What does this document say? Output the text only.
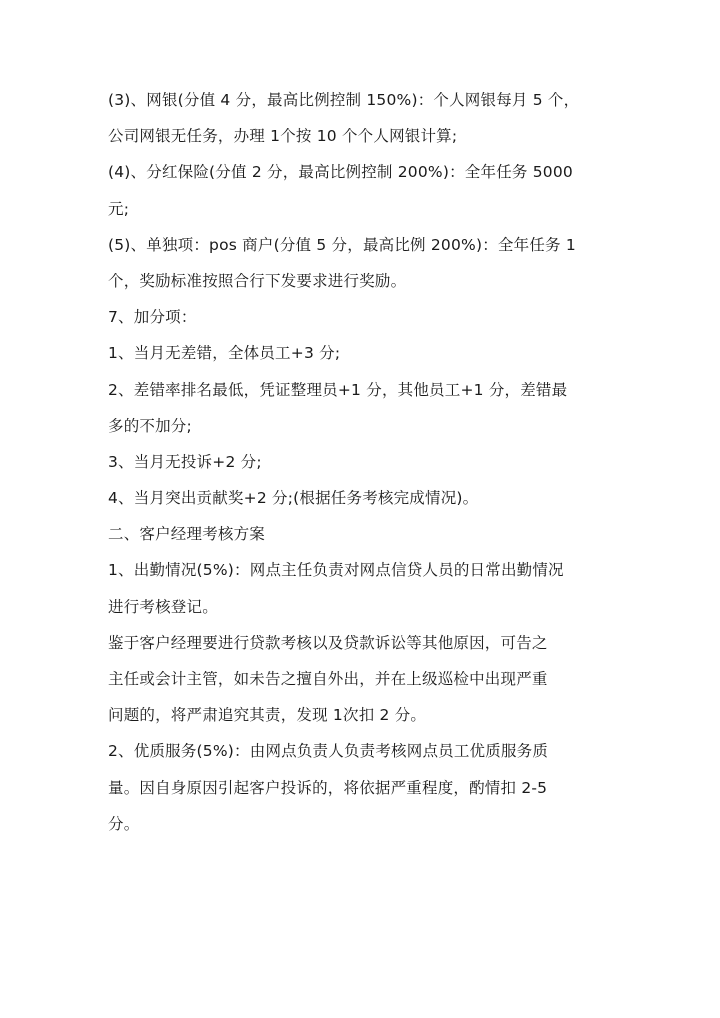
(3)、网银(分值 4 分，最高比例控制 150%)：个人网银每月 5 个，
公司网银无任务，办理 1个按 10 个个人网银计算;
(4)、分红保险(分值 2 分，最高比例控制 200%)：全年任务 5000
元;
(5)、单独项：pos 商户(分值 5 分，最高比例 200%)：全年任务 1
个，奖励标准按照合行下发要求进行奖励。
7、加分项：
1、当月无差错，全体员工+3 分;
2、差错率排名最低，凭证整理员+1 分，其他员工+1 分，差错最
多的不加分;
3、当月无投诉+2 分;
4、当月突出贡献奖+2 分;(根据任务考核完成情况)。
二、客户经理考核方案
1、出勤情况(5%)：网点主任负责对网点信贷人员的日常出勤情况
进行考核登记。
鉴于客户经理要进行贷款考核以及贷款诉讼等其他原因，可告之
主任或会计主管，如未告之擅自外出，并在上级巡检中出现严重
问题的，将严肃追究其责，发现 1次扣 2 分。
2、优质服务(5%)：由网点负责人负责考核网点员工优质服务质
量。因自身原因引起客户投诉的，将依据严重程度，酌情扣 2-5
分。
